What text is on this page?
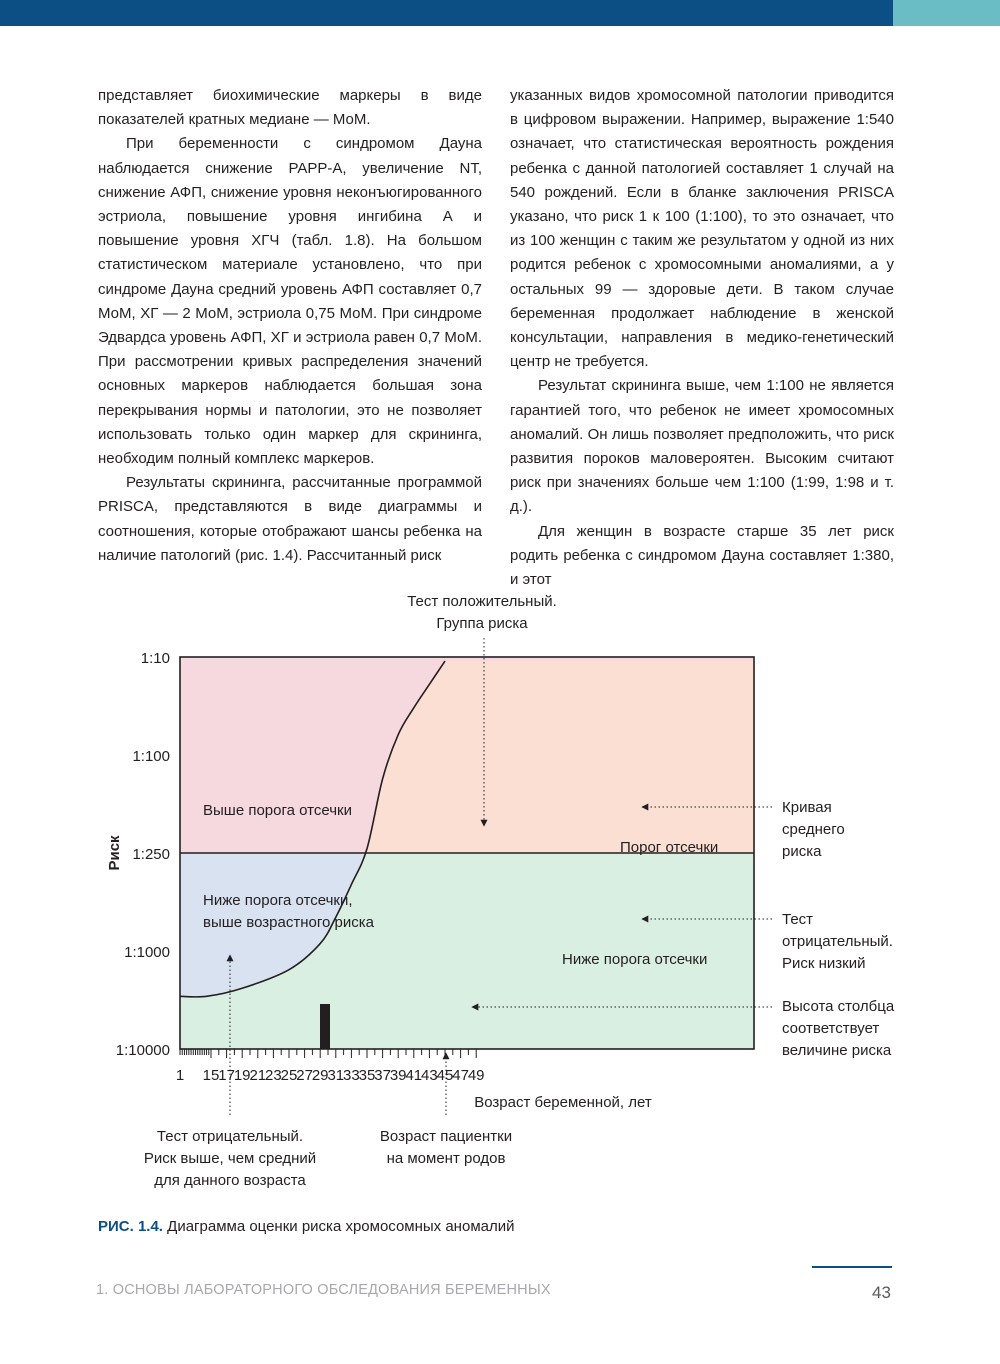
представляет биохимические маркеры в виде показателей кратных медиане — МоМ.

При беременности с синдромом Дауна наблюдается снижение PAPP-A, увеличение NT, снижение АФП, снижение уровня неконъюгированного эстриола, повышение уровня ингибина А и повышение уровня ХГЧ (табл. 1.8). На большом статистическом материале установлено, что при синдроме Дауна средний уровень АФП составляет 0,7 МоМ, ХГ — 2 МоМ, эстриола 0,75 МоМ. При синдроме Эдвардса уровень АФП, ХГ и эстриола равен 0,7 МоМ. При рассмотрении кривых распределения значений основных маркеров наблюдается большая зона перекрывания нормы и патологии, это не позволяет использовать только один маркер для скрининга, необходим полный комплекс маркеров.

Результаты скрининга, рассчитанные программой PRISCA, представляются в виде диаграммы и соотношения, которые отображают шансы ребенка на наличие патологий (рис. 1.4). Рассчитанный риск

указанных видов хромосомной патологии приводится в цифровом выражении. Например, выражение 1:540 означает, что статистическая вероятность рождения ребенка с данной патологией составляет 1 случай на 540 рождений. Если в бланке заключения PRISCA указано, что риск 1 к 100 (1:100), то это означает, что из 100 женщин с таким же результатом у одной из них родится ребенок с хромосомными аномалиями, а у остальных 99 — здоровые дети. В таком случае беременная продолжает наблюдение в женской консультации, направления в медико-генетический центр не требуется.

Результат скрининга выше, чем 1:100 не является гарантией того, что ребенок не имеет хромосомных аномалий. Он лишь позволяет предположить, что риск развития пороков маловероятен. Высоким считают риск при значениях больше чем 1:100 (1:99, 1:98 и т. д.).

Для женщин в возрасте старше 35 лет риск родить ребенка с синдромом Дауна составляет 1:380, и этот

1 15
17
19
21
23
25
27
29
31
33
35
37
39
41
43
45
47
49
1:10
1:100
1:250
1:1000
1:10000
Возраст беременной, лет
Риск
Выше порога отсечки
Ниже порога отсечки,
выше возрастного риска
Ниже порога отсечки
Порог отсечки
Тест положительный.
Группа риска
Кривая
среднего
риска
Тест
отрицательный.
Риск низкий
Высота столбца
соответствует
величине риска
Тест отрицательный.
Риск выше, чем средний
для данного возраста
Возраст пациентки
на момент родов
РИС. 1.4. Диаграмма оценки риска хромосомных аномалий
1. ОСНОВЫ ЛАБОРАТОРНОГО ОБСЛЕДОВАНИЯ БЕРЕМЕННЫХ	43
